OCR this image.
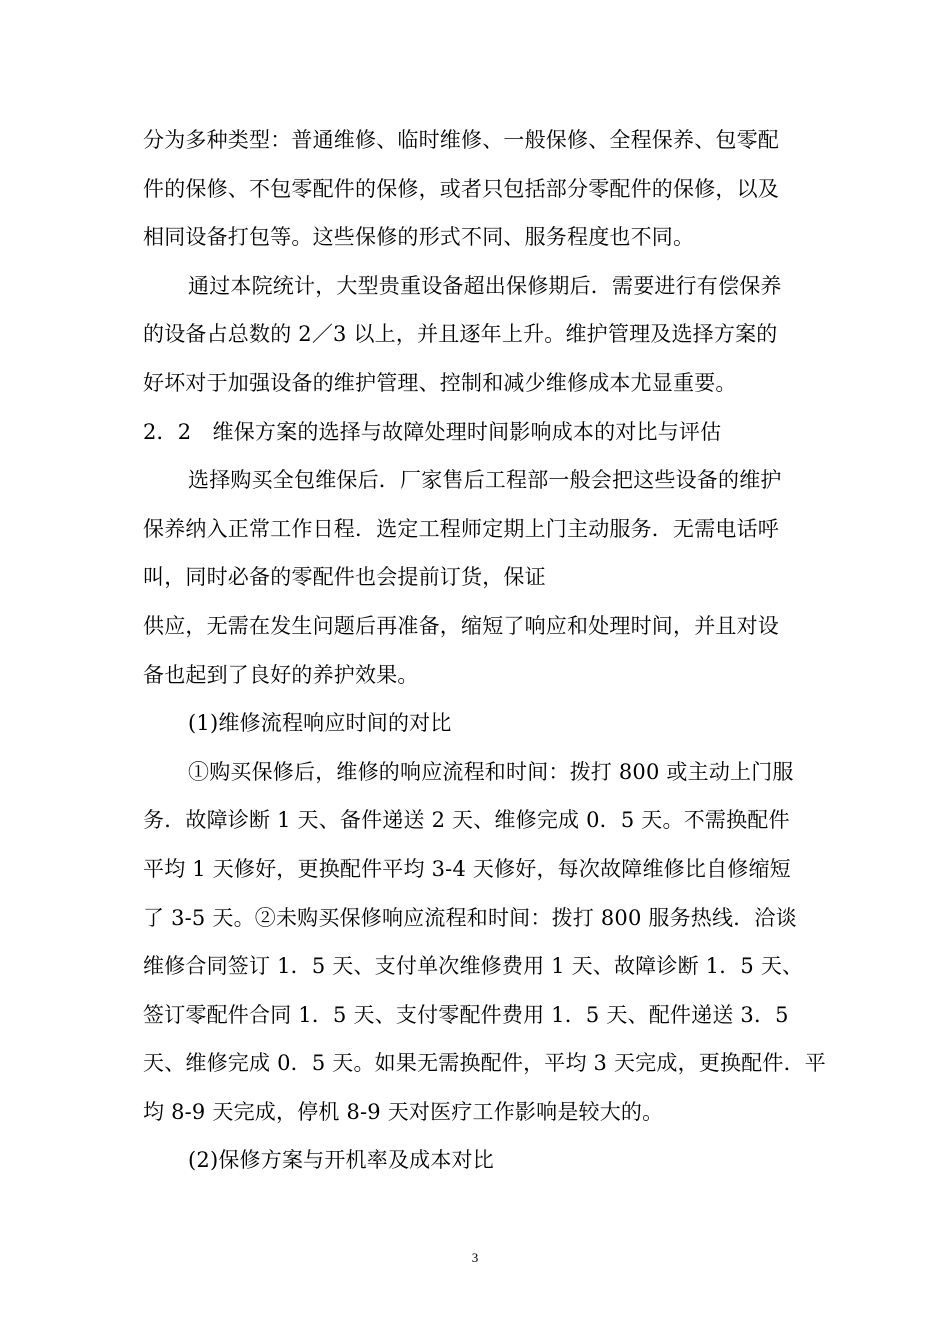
分为多种类型：普通维修、临时维修、一般保修、全程保养、包零配
件的保修、不包零配件的保修，或者只包括部分零配件的保修，以及
相同设备打包等。这些保修的形式不同、服务程度也不同。
通过本院统计，大型贵重设备超出保修期后．需要进行有偿保养
的设备占总数的 2／3 以上，并且逐年上升。维护管理及选择方案的
好坏对于加强设备的维护管理、控制和减少维修成本尤显重要。
2．2　维保方案的选择与故障处理时间影响成本的对比与评估
选择购买全包维保后．厂家售后工程部一般会把这些设备的维护
保养纳入正常工作日程．选定工程师定期上门主动服务．无需电话呼
叫，同时必备的零配件也会提前订货，保证
供应，无需在发生问题后再准备，缩短了响应和处理时间，并且对设
备也起到了良好的养护效果。
(1)维修流程响应时间的对比
①购买保修后，维修的响应流程和时间：拨打 800 或主动上门服
务．故障诊断 1 天、备件递送 2 天、维修完成 0．5 天。不需换配件
平均 1 天修好，更换配件平均 3-4 天修好，每次故障维修比自修缩短
了 3-5 天。②未购买保修响应流程和时间：拨打 800 服务热线．洽谈
维修合同签订 1．5 天、支付单次维修费用 1 天、故障诊断 1．5 天、
签订零配件合同 1．5 天、支付零配件费用 1．5 天、配件递送 3．5
天、维修完成 0．5 天。如果无需换配件，平均 3 天完成，更换配件．平
均 8-9 天完成，停机 8-9 天对医疗工作影响是较大的。
(2)保修方案与开机率及成本对比
3
